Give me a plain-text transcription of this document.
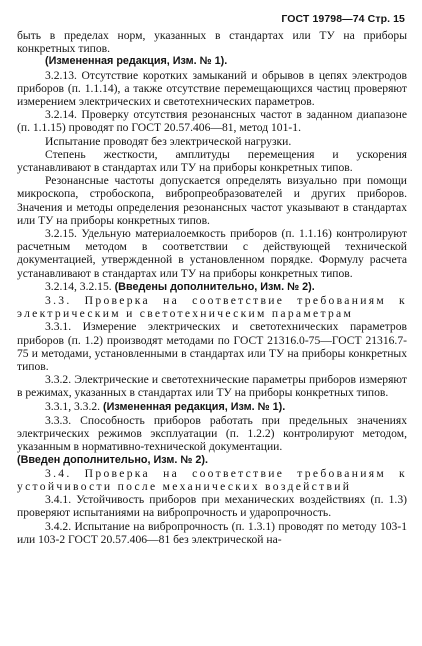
ГОСТ 19798—74 Стр. 15

быть в пределах норм, указанных в стандартах или ТУ на приборы конкретных типов.

(Измененная редакция, Изм. № 1).

3.2.13. Отсутствие коротких замыканий и обрывов в цепях электродов приборов (п. 1.1.14), а также отсутствие перемещающихся частиц проверяют измерением электрических и светотехнических параметров.

3.2.14. Проверку отсутствия резонансных частот в заданном диапазоне (п. 1.1.15) проводят по ГОСТ 20.57.406—81, метод 101-1.

Испытание проводят без электрической нагрузки.

Степень жесткости, амплитуды перемещения и ускорения устанавливают в стандартах или ТУ на приборы конкретных типов.

Резонансные частоты допускается определять визуально при помощи микроскопа, стробоскопа, вибропреобразователей и других приборов. Значения и методы определения резонансных частот указывают в стандартах или ТУ на приборы конкретных типов.

3.2.15. Удельную материалоемкость приборов (п. 1.1.16) контролируют расчетным методом в соответствии с действующей технической документацией, утвержденной в установленном порядке. Формулу расчета устанавливают в стандартах или ТУ на приборы конкретных типов.

3.2.14, 3.2.15. (Введены дополнительно, Изм. № 2).

3.3. Проверка на соответствие требованиям к электрическим и светотехническим параметрам

3.3.1. Измерение электрических и светотехнических параметров приборов (п. 1.2) производят методами по ГОСТ 21316.0-75—ГОСТ 21316.7-75 и методами, установленными в стандартах или ТУ на приборы конкретных типов.

3.3.2. Электрические и светотехнические параметры приборов измеряют в режимах, указанных в стандартах или ТУ на приборы конкретных типов.

3.3.1, 3.3.2. (Измененная редакция, Изм. № 1).

3.3.3. Способность приборов работать при предельных значениях электрических режимов эксплуатации (п. 1.2.2) контролируют методом, указанным в нормативно-технической документации.

(Введен дополнительно, Изм. № 2).

3.4. Проверка на соответствие требованиям к устойчивости после механических воздействий

3.4.1. Устойчивость приборов при механических воздействиях (п. 1.3) проверяют испытаниями на вибропрочность и ударопрочность.

3.4.2. Испытание на вибропрочность (п. 1.3.1) проводят по методу 103-1 или 103-2 ГОСТ 20.57.406—81 без электрической на-
